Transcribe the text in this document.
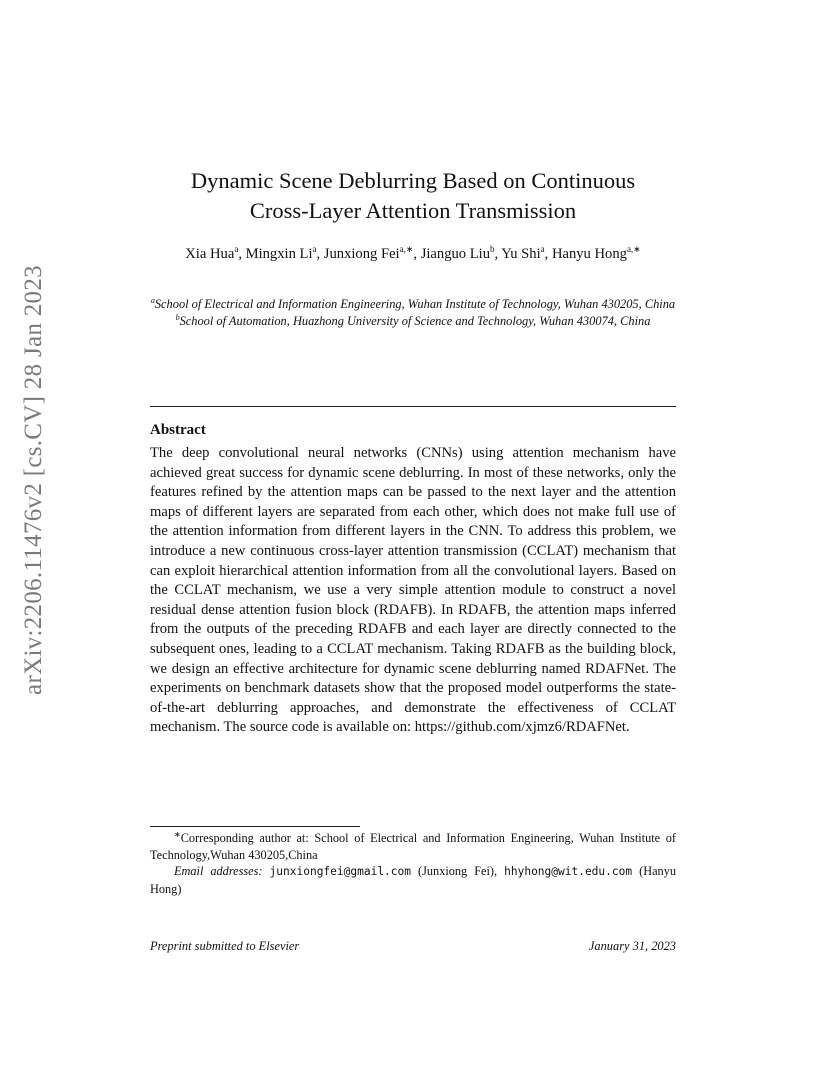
arXiv:2206.11476v2 [cs.CV] 28 Jan 2023
Dynamic Scene Deblurring Based on Continuous
Cross-Layer Attention Transmission
Xia Hua$^a$, Mingxin Li$^a$, Junxiong Fei$^{a,∗}$, Jianguo Liu$^b$, Yu Shi$^a$, Hanyu Hong$^{a,∗}$
$^a$School of Electrical and Information Engineering, Wuhan Institute of Technology, Wuhan 430205, China
$^b$School of Automation, Huazhong University of Science and Technology, Wuhan 430074, China
Abstract
The deep convolutional neural networks (CNNs) using attention mechanism have achieved great success for dynamic scene deblurring. In most of these networks, only the features refined by the attention maps can be passed to the next layer and the attention maps of different layers are separated from each other, which does not make full use of the attention information from different layers in the CNN. To address this problem, we introduce a new continuous cross-layer attention transmission (CCLAT) mechanism that can exploit hierarchical attention information from all the convolutional layers. Based on the CCLAT mechanism, we use a very simple attention module to construct a novel residual dense attention fusion block (RDAFB). In RDAFB, the attention maps inferred from the outputs of the preceding RDAFB and each layer are directly connected to the subsequent ones, leading to a CCLAT mechanism. Taking RDAFB as the building block, we design an effective architecture for dynamic scene deblurring named RDAFNet. The experiments on benchmark datasets show that the proposed model outperforms the state-of-the-art deblurring approaches, and demonstrate the effectiveness of CCLAT mechanism. The source code is available on: https://github.com/xjmz6/RDAFNet.
∗Corresponding author at: School of Electrical and Information Engineering, Wuhan Institute of Technology,Wuhan 430205,China
Email addresses: junxiongfei@gmail.com (Junxiong Fei), hhyhong@wit.edu.com (Hanyu Hong)
Preprint submitted to Elsevier	January 31, 2023
